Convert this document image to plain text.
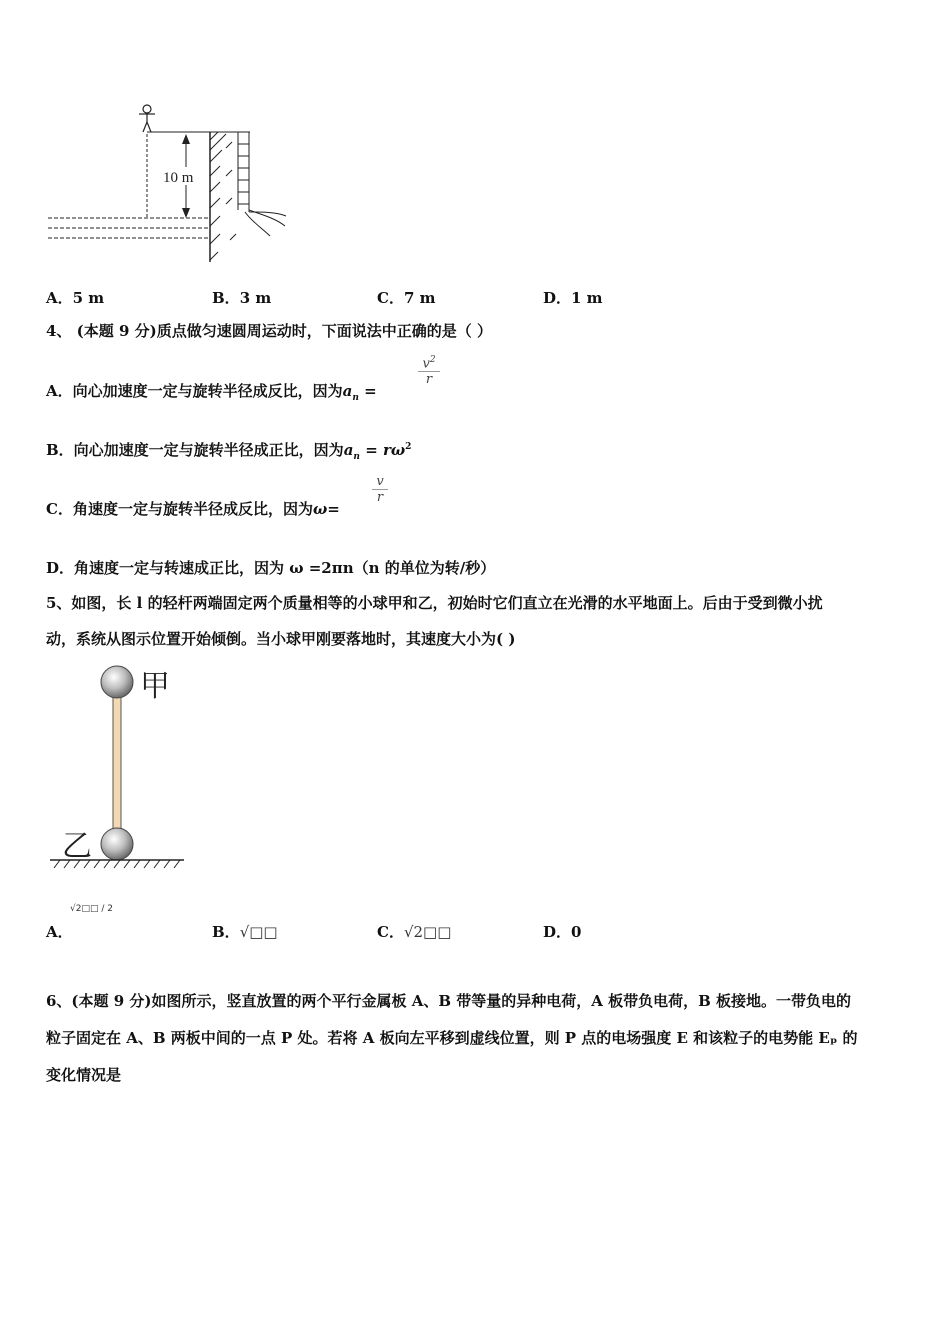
10 m
A．5 m	B．3 m	C．7 m	D．1 m
4、 (本题 9 分)质点做匀速圆周运动时，下面说法中正确的是（ ）
A．向心加速度一定与旋转半径成反比，因为$a_n$ =
$v^2$
r
B．向心加速度一定与旋转半径成正比，因为$a_n = r\omega^2$
C．角速度一定与旋转半径成反比，因为ω=
v
r
D．角速度一定与转速成正比，因为 ω =2πn（n 的单位为转/秒）
5、如图，长 l 的轻杆两端固定两个质量相等的小球甲和乙，初始时它们直立在光滑的水平地面上。后由于受到微小扰
动，系统从图示位置开始倾倒。当小球甲刚要落地时，其速度大小为( )
甲
乙
A．
√2□□ / 2
B．√□□	C．√2□□	D．0
6、(本题 9 分)如图所示，竖直放置的两个平行金属板 A、B 带等量的异种电荷，A 板带负电荷，B 板接地。一带负电的
粒子固定在 A、B 两板中间的一点 P 处。若将 A 板向左平移到虚线位置，则 P 点的电场强度 E 和该粒子的电势能 Eₚ 的
变化情况是
